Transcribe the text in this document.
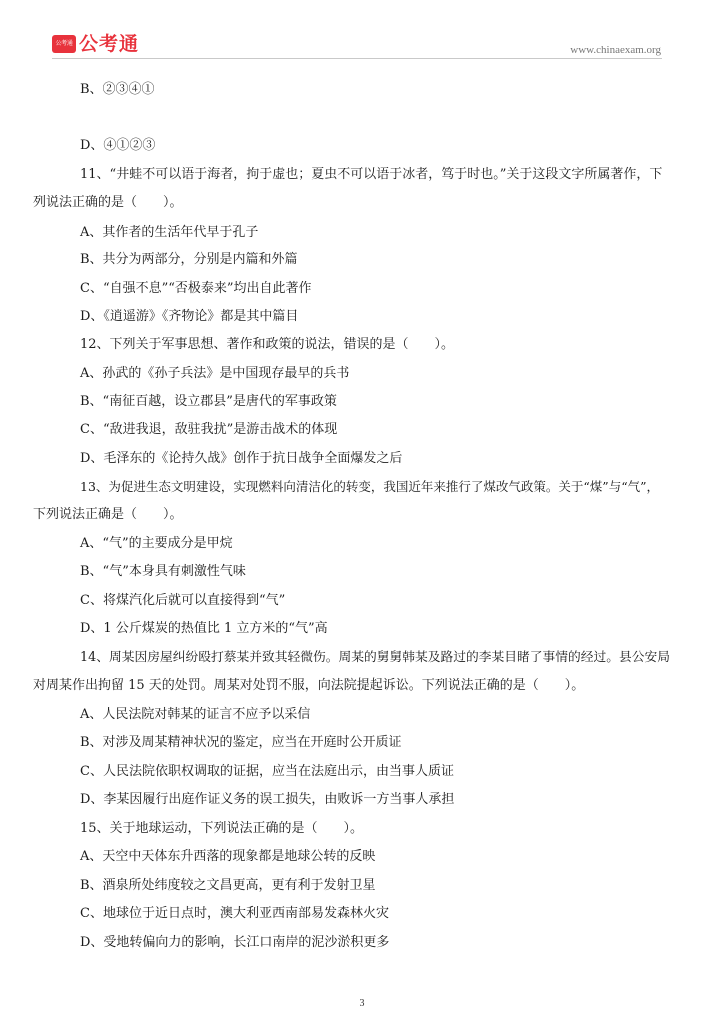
公考通 公考通	www.chinaexam.org
B、②③④①
D、④①②③
11、“井蛙不可以语于海者，拘于虚也；夏虫不可以语于冰者，笃于时也。”关于这段文字所属著作，下
列说法正确的是（　　）。
A、其作者的生活年代早于孔子
B、共分为两部分，分别是内篇和外篇
C、“自强不息”“否极泰来”均出自此著作
D、《逍遥游》《齐物论》都是其中篇目
12、下列关于军事思想、著作和政策的说法，错误的是（　　）。
A、孙武的《孙子兵法》是中国现存最早的兵书
B、“南征百越，设立郡县”是唐代的军事政策
C、“敌进我退，敌驻我扰”是游击战术的体现
D、毛泽东的《论持久战》创作于抗日战争全面爆发之后
13、为促进生态文明建设，实现燃料向清洁化的转变，我国近年来推行了煤改气政策。关于“煤”与“气”，
下列说法正确是（　　）。
A、“气”的主要成分是甲烷
B、“气”本身具有刺激性气味
C、将煤汽化后就可以直接得到“气”
D、1 公斤煤炭的热值比 1 立方米的“气”高
14、周某因房屋纠纷殴打蔡某并致其轻微伤。周某的舅舅韩某及路过的李某目睹了事情的经过。县公安局
对周某作出拘留 15 天的处罚。周某对处罚不服，向法院提起诉讼。下列说法正确的是（　　）。
A、人民法院对韩某的证言不应予以采信
B、对涉及周某精神状况的鉴定，应当在开庭时公开质证
C、人民法院依职权调取的证据，应当在法庭出示，由当事人质证
D、李某因履行出庭作证义务的误工损失，由败诉一方当事人承担
15、关于地球运动，下列说法正确的是（　　）。
A、天空中天体东升西落的现象都是地球公转的反映
B、酒泉所处纬度较之文昌更高，更有利于发射卫星
C、地球位于近日点时，澳大利亚西南部易发森林火灾
D、受地转偏向力的影响，长江口南岸的泥沙淤积更多
3
